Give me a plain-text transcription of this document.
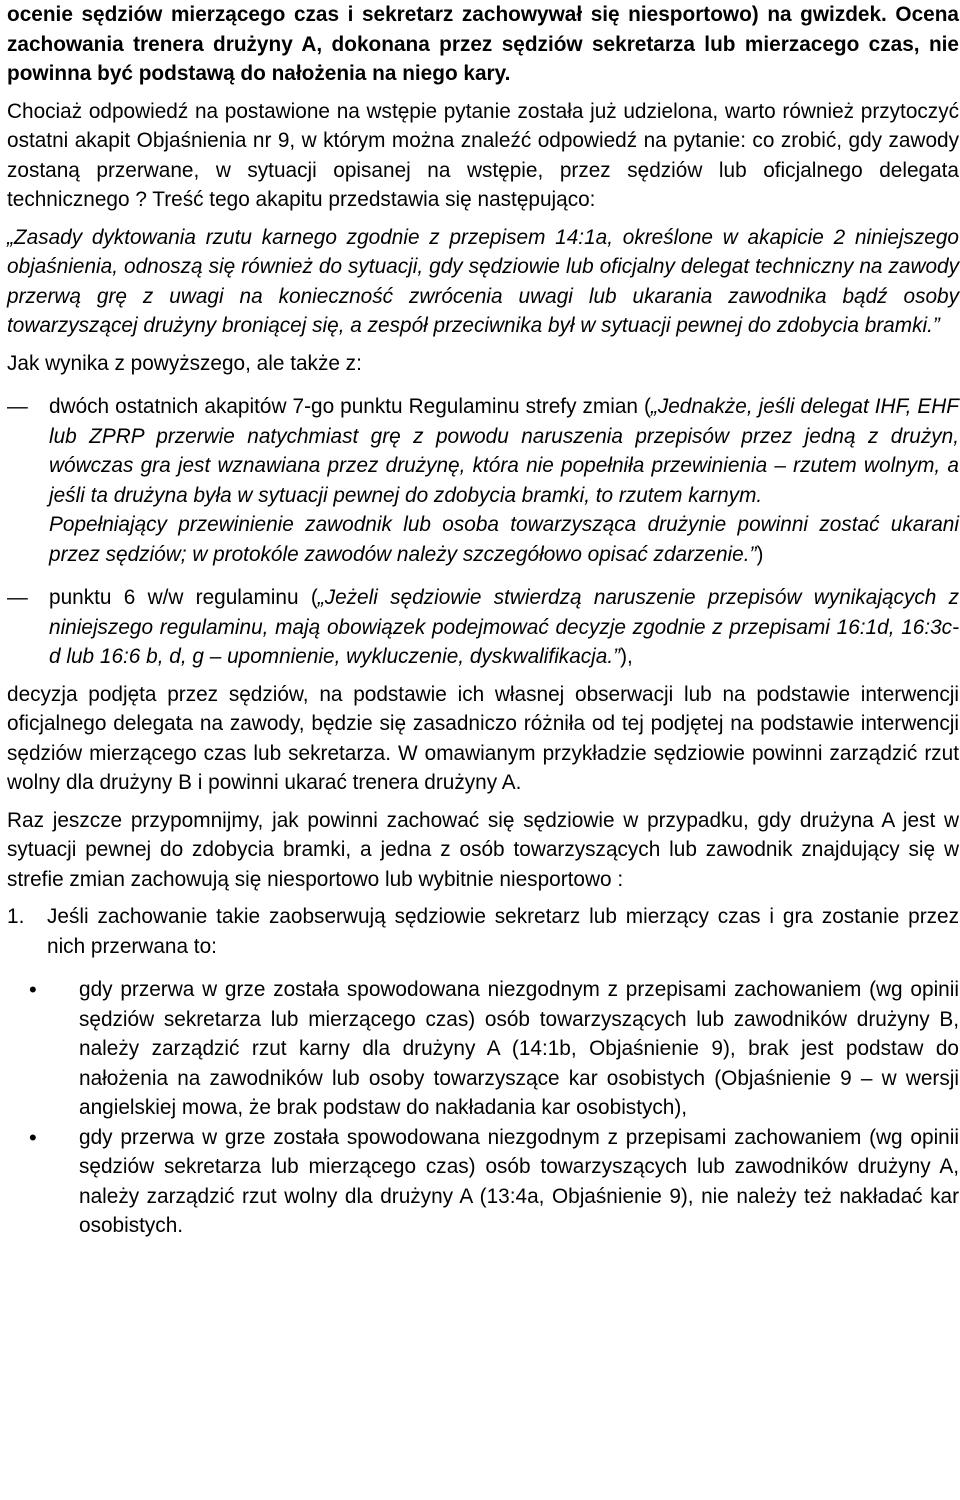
ocenie sędziów mierzącego czas i sekretarz zachowywał się niesportowo) na gwizdek. Ocena zachowania trenera drużyny A, dokonana przez sędziów sekretarza lub mierzacego czas, nie powinna być podstawą do nałożenia na niego kary.

Chociaż odpowiedź na postawione na wstępie pytanie została już udzielona, warto również przytoczyć ostatni akapit Objaśnienia nr 9, w którym można znaleźć odpowiedź na pytanie: co zrobić, gdy zawody zostaną przerwane, w sytuacji opisanej na wstępie, przez sędziów lub oficjalnego delegata technicznego ? Treść tego akapitu przedstawia się następująco:

„Zasady dyktowania rzutu karnego zgodnie z przepisem 14:1a, określone w akapicie 2 niniejszego objaśnienia, odnoszą się również do sytuacji, gdy sędziowie lub oficjalny delegat techniczny na zawody przerwą grę z uwagi na konieczność zwrócenia uwagi lub ukarania zawodnika bądź osoby towarzyszącej drużyny broniącej się, a zespół przeciwnika był w sytuacji pewnej do zdobycia bramki.”

Jak wynika z powyższego, ale także z:

— dwóch ostatnich akapitów 7-go punktu Regulaminu strefy zmian („Jednakże, jeśli delegat IHF, EHF lub ZPRP przerwie natychmiast grę z powodu naruszenia przepisów przez jedną z drużyn, wówczas gra jest wznawiana przez drużynę, która nie popełniła przewinienia – rzutem wolnym, a jeśli ta drużyna była w sytuacji pewnej do zdobycia bramki, to rzutem karnym.

Popełniający przewinienie zawodnik lub osoba towarzysząca drużynie powinni zostać ukarani przez sędziów; w protokóle zawodów należy szczegółowo opisać zdarzenie.”)

— punktu 6 w/w regulaminu („Jeżeli sędziowie stwierdzą naruszenie przepisów wynikających z niniejszego regulaminu, mają obowiązek podejmować decyzje zgodnie z przepisami 16:1d, 16:3c-d lub 16:6 b, d, g – upomnienie, wykluczenie, dyskwalifikacja.”),

decyzja podjęta przez sędziów, na podstawie ich własnej obserwacji lub na podstawie interwencji oficjalnego delegata na zawody, będzie się zasadniczo różniła od tej podjętej na podstawie interwencji sędziów mierzącego czas lub sekretarza. W omawianym przykładzie sędziowie powinni zarządzić rzut wolny dla drużyny B i powinni ukarać trenera drużyny A.

Raz jeszcze przypomnijmy, jak powinni zachować się sędziowie w przypadku, gdy drużyna A jest w sytuacji pewnej do zdobycia bramki, a jedna z osób towarzyszących lub zawodnik znajdujący się w strefie zmian zachowują się niesportowo lub wybitnie niesportowo :

1. Jeśli zachowanie takie zaobserwują sędziowie sekretarz lub mierzący czas i gra zostanie przez nich przerwana to:

• gdy przerwa w grze została spowodowana niezgodnym z przepisami zachowaniem (wg opinii sędziów sekretarza lub mierzącego czas) osób towarzyszących lub zawodników drużyny B, należy zarządzić rzut karny dla drużyny A (14:1b, Objaśnienie 9), brak jest podstaw do nałożenia na zawodników lub osoby towarzyszące kar osobistych (Objaśnienie 9 – w wersji angielskiej mowa, że brak podstaw do nakładania kar osobistych),

• gdy przerwa w grze została spowodowana niezgodnym z przepisami zachowaniem (wg opinii sędziów sekretarza lub mierzącego czas) osób towarzyszących lub zawodników drużyny A, należy zarządzić rzut wolny dla drużyny A (13:4a, Objaśnienie 9), nie należy też nakładać kar osobistych.
